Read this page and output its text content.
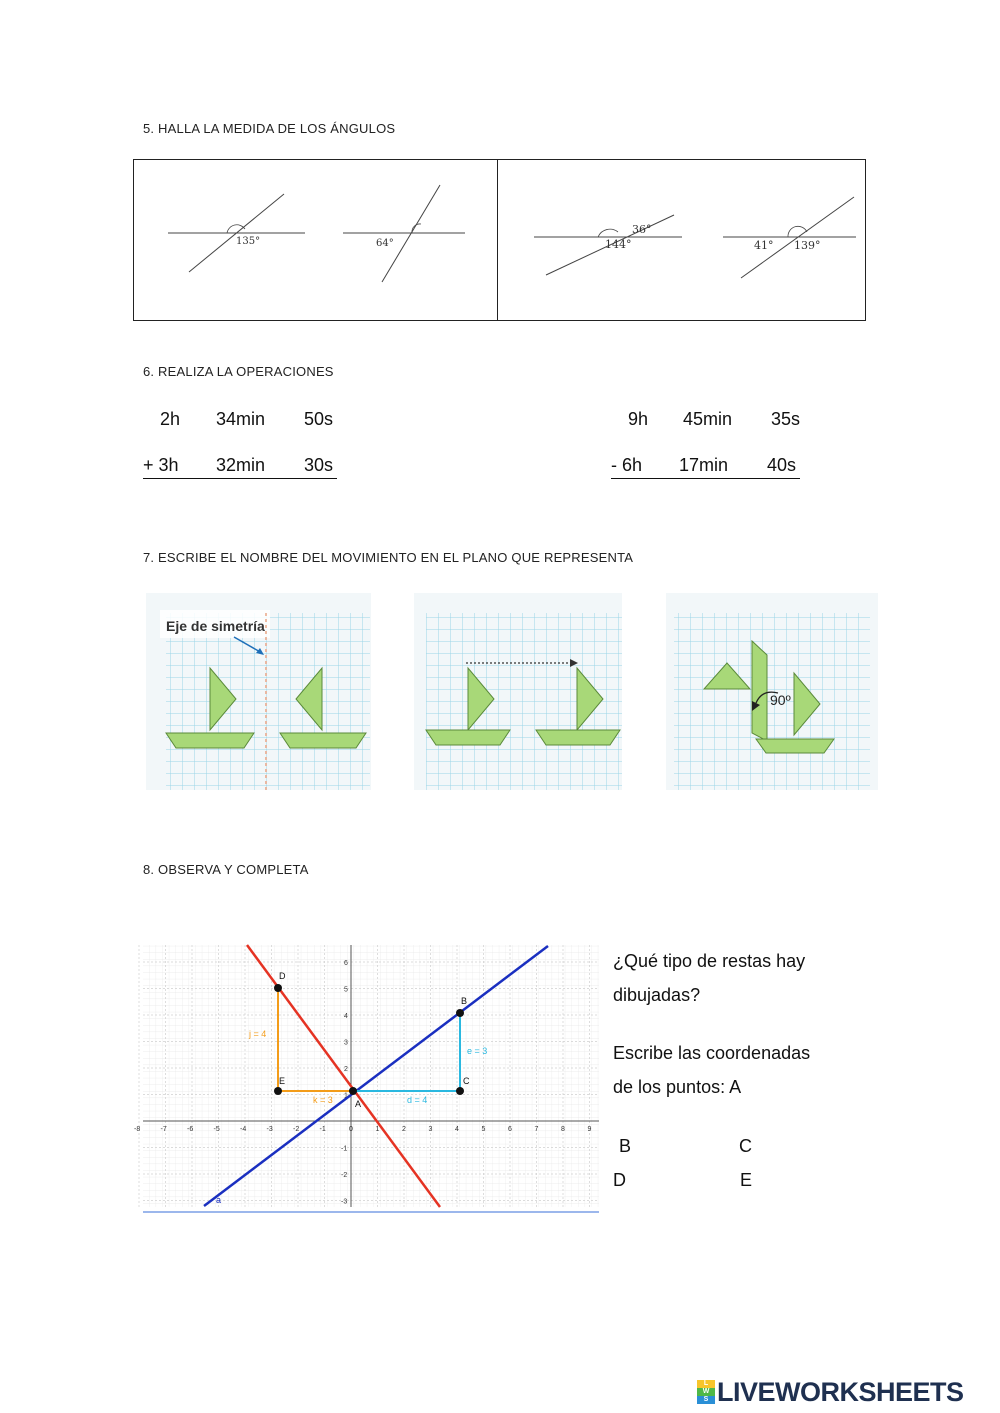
5. HALLA LA MEDIDA DE LOS ÁNGULOS
135°	64°
36°
144°	41° 139°
6. REALIZA LA OPERACIONES
2h 34min 50s
+ 3h 32min 30s
9h 45min 35s
- 6h 17min 40s
7. ESCRIBE EL NOMBRE DEL MOVIMIENTO EN EL PLANO QUE REPRESENTA
Eje de simetría
90º
8. OBSERVA Y COMPLETA
-8	-7	-6	-5	-4	-3	-2	-1	0	1	2	3	4	5	6	7	8	9
6
5
4
3
2
1
-1
-2
-3
A
B
C
D
E
j = 4
k = 3	d = 4
e = 3
a
¿Qué tipo de restas hay
dibujadas?
Escribe las coordenadas
de los puntos: A
B	C
D	E
L
W
S LIVEWORKSHEETS
